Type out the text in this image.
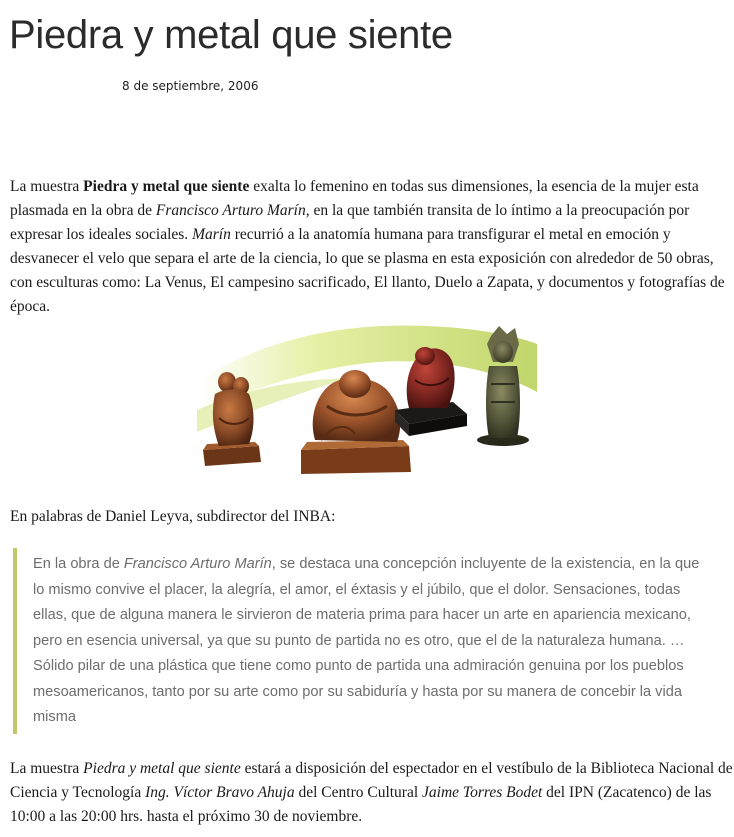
Piedra y metal que siente
8 de septiembre, 2006

La muestra Piedra y metal que siente exalta lo femenino en todas sus dimensiones, la esencia de la mujer esta plasmada en la obra de Francisco Arturo Marín, en la que también transita de lo íntimo a la preocupación por expresar los ideales sociales. Marín recurrió a la anatomía humana para transfigurar el metal en emoción y desvanecer el velo que separa el arte de la ciencia, lo que se plasma en esta exposición con alrededor de 50 obras, con esculturas como: La Venus, El campesino sacrificado, El llanto, Duelo a Zapata, y documentos y fotografías de época.

En palabras de Daniel Leyva, subdirector del INBA:

En la obra de Francisco Arturo Marín, se destaca una concepción incluyente de la existencia, en la que lo mismo convive el placer, la alegría, el amor, el éxtasis y el júbilo, que el dolor. Sensaciones, todas ellas, que de alguna manera le sirvieron de materia prima para hacer un arte en apariencia mexicano, pero en esencia universal, ya que su punto de partida no es otro, que el de la naturaleza humana. … Sólido pilar de una plástica que tiene como punto de partida una admiración genuina por los pueblos mesoamericanos, tanto por su arte como por su sabiduría y hasta por su manera de concebir la vida misma

La muestra Piedra y metal que siente estará a disposición del espectador en el vestíbulo de la Biblioteca Nacional de Ciencia y Tecnología Ing. Víctor Bravo Ahuja del Centro Cultural Jaime Torres Bodet del IPN (Zacatenco) de las 10:00 a las 20:00 hrs. hasta el próximo 30 de noviembre.
